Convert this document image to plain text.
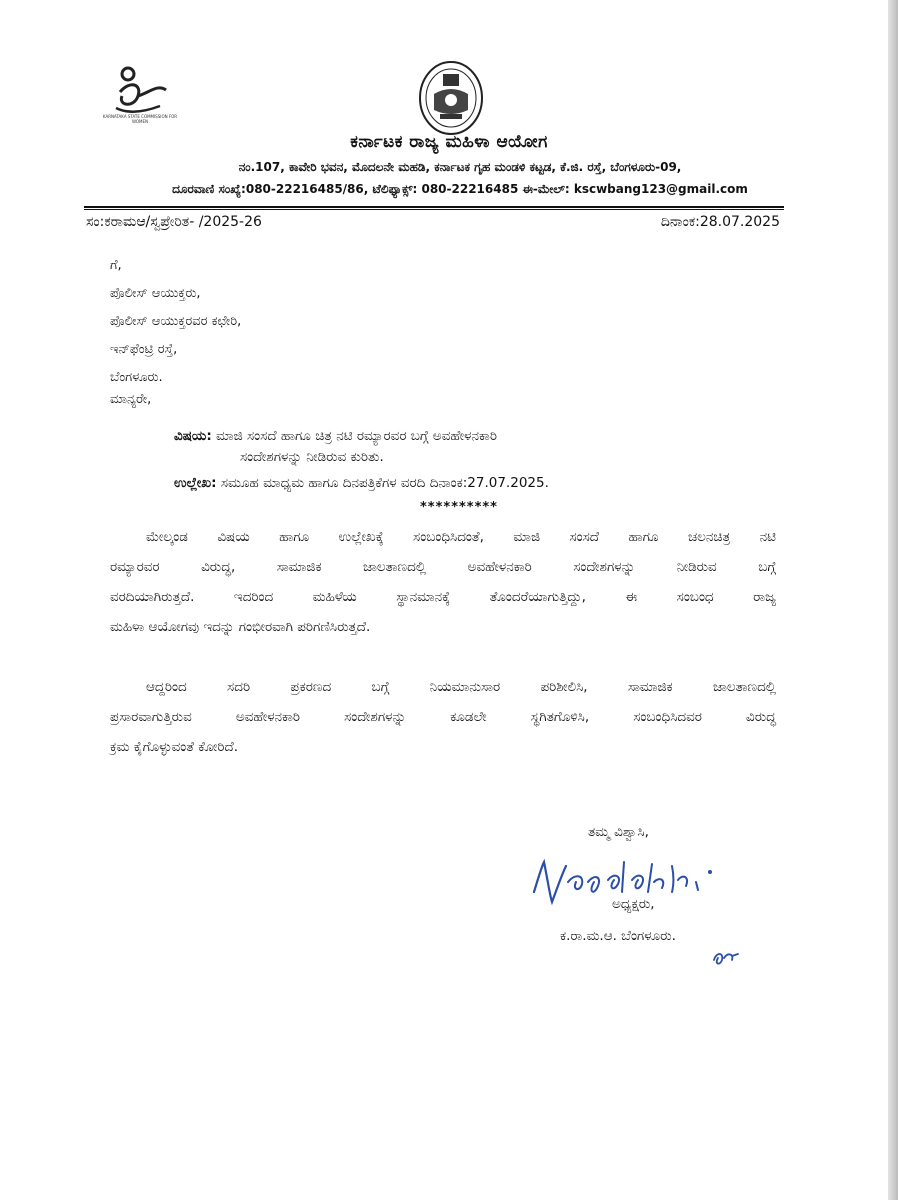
KARNATAKA STATE COMMISSION FOR WOMEN
ಕರ್ನಾಟಕ ರಾಜ್ಯ ಮಹಿಳಾ ಆಯೋಗ
ನಂ.107, ಕಾವೇರಿ ಭವನ, ಮೊದಲನೇ ಮಹಡಿ, ಕರ್ನಾಟಕ ಗೃಹ ಮಂಡಳಿ ಕಟ್ಟಡ, ಕೆ.ಜಿ. ರಸ್ತೆ, ಬೆಂಗಳೂರು-09,
ದೂರವಾಣಿ ಸಂಖ್ಯೆ:080-22216485/86, ಟೆಲಿಫ್ಯಾಕ್ಸ್: 080-22216485 ಈ-ಮೇಲ್: kscwbang123@gmail.com
ಸಂ:ಕರಾಮಆ/ಸ್ವಪ್ರೇರಿತ- /2025-26	ದಿನಾಂಕ:28.07.2025
ಗೆ,
ಪೊಲೀಸ್ ಆಯುಕ್ತರು,
ಪೊಲೀಸ್ ಆಯುಕ್ತರವರ ಕಛೇರಿ,
ಇನ್‌ಫೆಂಟ್ರಿ ರಸ್ತೆ,
ಬೆಂಗಳೂರು.
ಮಾನ್ಯರೇ,
ವಿಷಯ: ಮಾಜಿ ಸಂಸದೆ ಹಾಗೂ ಚಿತ್ರ ನಟಿ ರಮ್ಯಾರವರ ಬಗ್ಗೆ ಅವಹೇಳನಕಾರಿ
ಸಂದೇಶಗಳನ್ನು ನೀಡಿರುವ ಕುರಿತು.
ಉಲ್ಲೇಖ: ಸಮೂಹ ಮಾಧ್ಯಮ ಹಾಗೂ ದಿನಪತ್ರಿಕೆಗಳ ವರದಿ ದಿನಾಂಕ:27.07.2025.
**********
ಮೇಲ್ಕಂಡ ವಿಷಯ ಹಾಗೂ ಉಲ್ಲೇಖಕ್ಕೆ ಸಂಬಂಧಿಸಿದಂತೆ, ಮಾಜಿ ಸಂಸದೆ ಹಾಗೂ ಚಲನಚಿತ್ರ ನಟಿ
ರಮ್ಯಾರವರ ವಿರುದ್ಧ, ಸಾಮಾಜಿಕ ಜಾಲತಾಣದಲ್ಲಿ ಅವಹೇಳನಕಾರಿ ಸಂದೇಶಗಳನ್ನು ನೀಡಿರುವ ಬಗ್ಗೆ
ವರದಿಯಾಗಿರುತ್ತದೆ. ಇದರಿಂದ ಮಹಿಳೆಯ ಸ್ಥಾನಮಾನಕ್ಕೆ ತೊಂದರೆಯಾಗುತ್ತಿದ್ದು, ಈ ಸಂಬಂಧ ರಾಜ್ಯ
ಮಹಿಳಾ ಆಯೋಗವು ಇದನ್ನು ಗಂಭೀರವಾಗಿ ಪರಿಗಣಿಸಿರುತ್ತದೆ.
ಆದ್ದರಿಂದ ಸದರಿ ಪ್ರಕರಣದ ಬಗ್ಗೆ ನಿಯಮಾನುಸಾರ ಪರಿಶೀಲಿಸಿ, ಸಾಮಾಜಿಕ ಜಾಲತಾಣದಲ್ಲಿ
ಪ್ರಸಾರವಾಗುತ್ತಿರುವ ಅವಹೇಳನಕಾರಿ ಸಂದೇಶಗಳನ್ನು ಕೂಡಲೇ ಸ್ಥಗಿತಗೊಳಿಸಿ, ಸಂಬಂಧಿಸಿದವರ ವಿರುದ್ಧ
ಕ್ರಮ ಕೈಗೊಳ್ಳುವಂತೆ ಕೋರಿದೆ.
ತಮ್ಮ ವಿಶ್ವಾಸಿ,
ಅಧ್ಯಕ್ಷರು,
ಕ.ರಾ.ಮ.ಆ. ಬೆಂಗಳೂರು.
